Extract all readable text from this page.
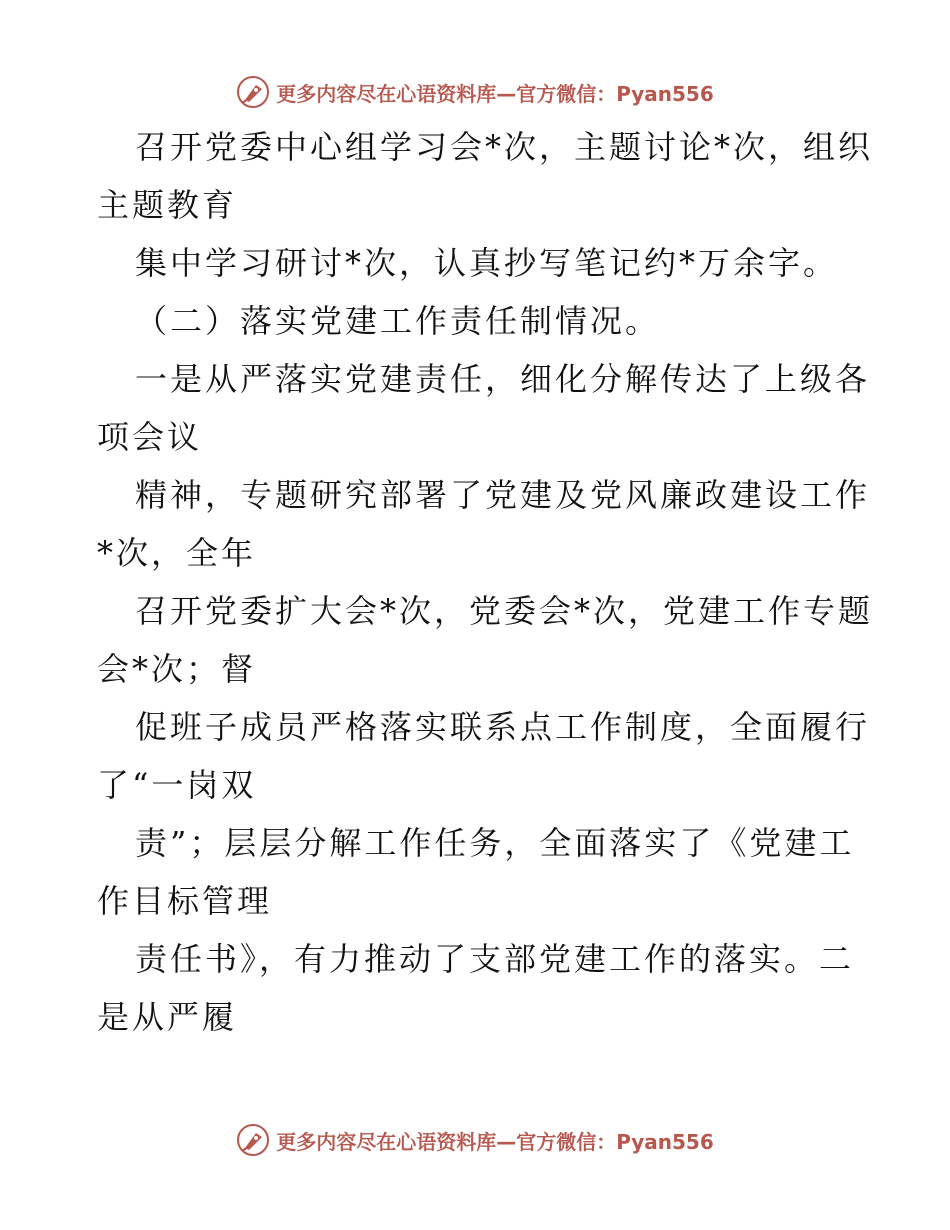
更多内容尽在心语资料库—官方微信：Pyan556
召开党委中心组学习会*次，主题讨论*次，组织
主题教育
集中学习研讨*次，认真抄写笔记约*万余字。
（二）落实党建工作责任制情况。
一是从严落实党建责任，细化分解传达了上级各
项会议
精神，专题研究部署了党建及党风廉政建设工作
*次，全年
召开党委扩大会*次，党委会*次，党建工作专题
会*次；督
促班子成员严格落实联系点工作制度，全面履行
了“一岗双
责”；层层分解工作任务，全面落实了《党建工
作目标管理
责任书》，有力推动了支部党建工作的落实。二
是从严履
更多内容尽在心语资料库—官方微信：Pyan556
